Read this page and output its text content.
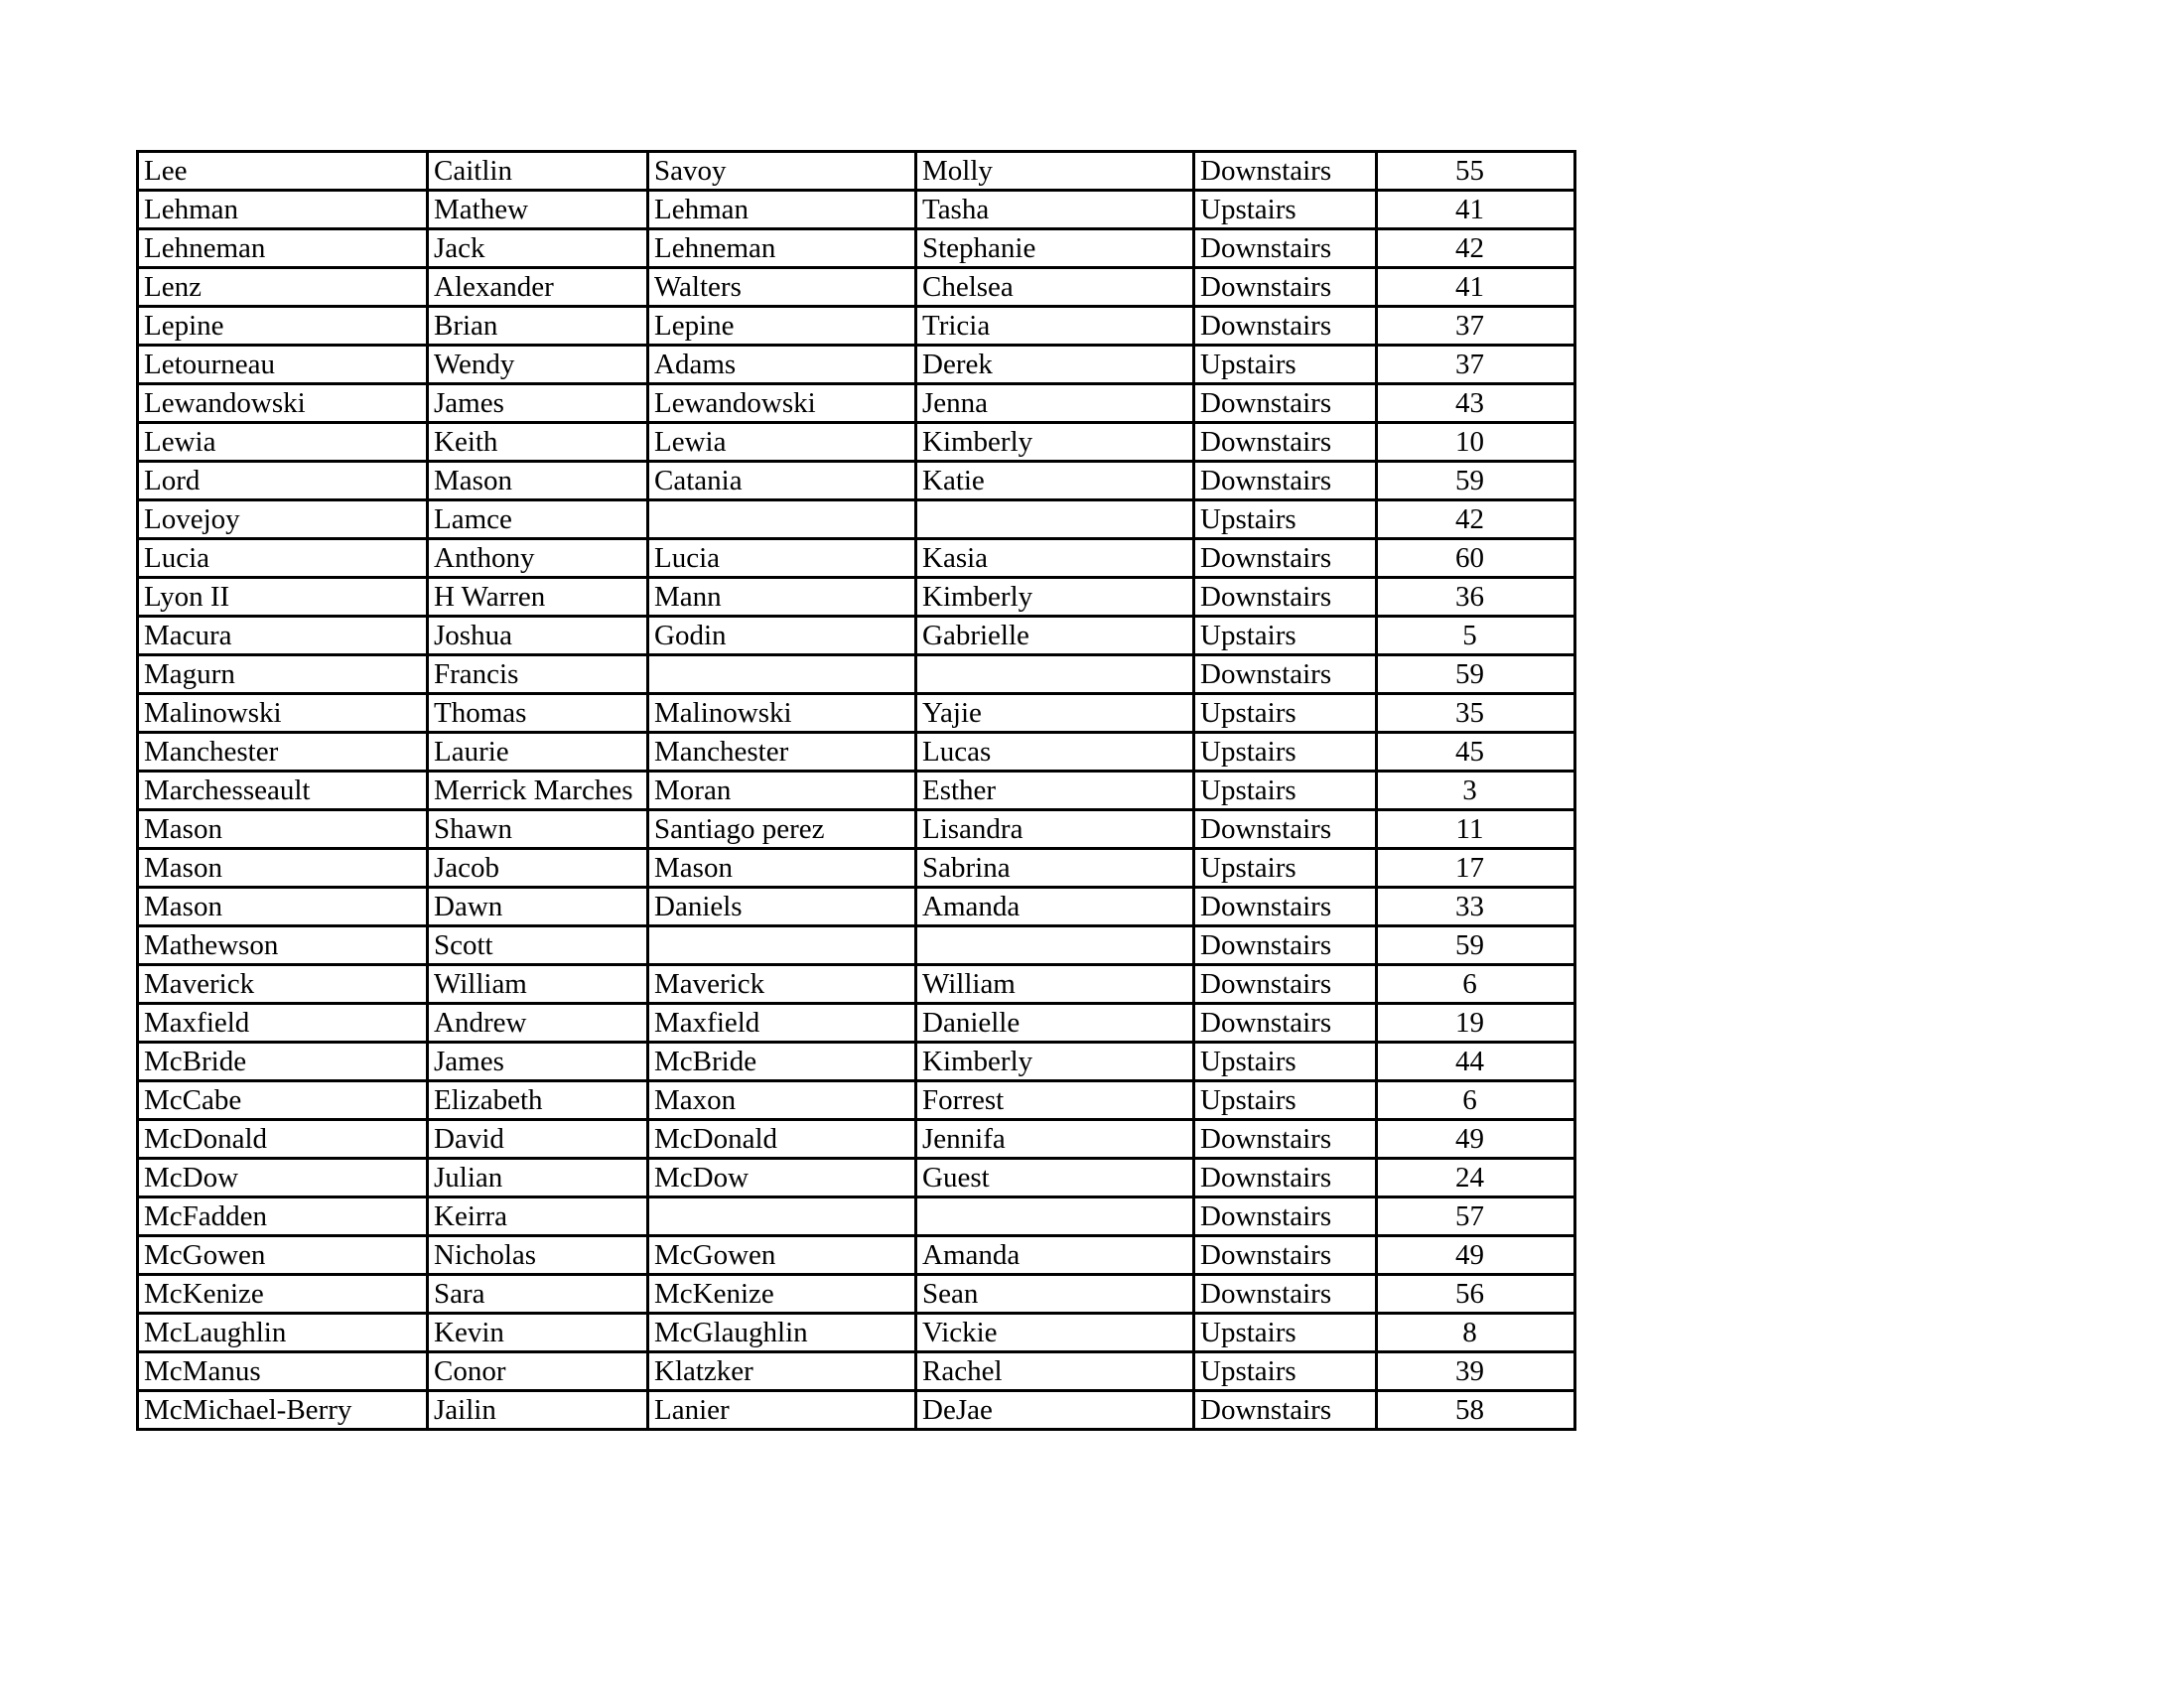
Lee	Caitlin	Savoy	Molly	Downstairs	55
Lehman	Mathew	Lehman	Tasha	Upstairs	41
Lehneman	Jack	Lehneman	Stephanie	Downstairs	42
Lenz	Alexander	Walters	Chelsea	Downstairs	41
Lepine	Brian	Lepine	Tricia	Downstairs	37
Letourneau	Wendy	Adams	Derek	Upstairs	37
Lewandowski	James	Lewandowski	Jenna	Downstairs	43
Lewia	Keith	Lewia	Kimberly	Downstairs	10
Lord	Mason	Catania	Katie	Downstairs	59
Lovejoy	Lamce			Upstairs	42
Lucia	Anthony	Lucia	Kasia	Downstairs	60
Lyon II	H Warren	Mann	Kimberly	Downstairs	36
Macura	Joshua	Godin	Gabrielle	Upstairs	5
Magurn	Francis			Downstairs	59
Malinowski	Thomas	Malinowski	Yajie	Upstairs	35
Manchester	Laurie	Manchester	Lucas	Upstairs	45
Marchesseault	Merrick Marches	Moran	Esther	Upstairs	3
Mason	Shawn	Santiago perez	Lisandra	Downstairs	11
Mason	Jacob	Mason	Sabrina	Upstairs	17
Mason	Dawn	Daniels	Amanda	Downstairs	33
Mathewson	Scott			Downstairs	59
Maverick	William	Maverick	William	Downstairs	6
Maxfield	Andrew	Maxfield	Danielle	Downstairs	19
McBride	James	McBride	Kimberly	Upstairs	44
McCabe	Elizabeth	Maxon	Forrest	Upstairs	6
McDonald	David	McDonald	Jennifa	Downstairs	49
McDow	Julian	McDow	Guest	Downstairs	24
McFadden	Keirra			Downstairs	57
McGowen	Nicholas	McGowen	Amanda	Downstairs	49
McKenize	Sara	McKenize	Sean	Downstairs	56
McLaughlin	Kevin	McGlaughlin	Vickie	Upstairs	8
McManus	Conor	Klatzker	Rachel	Upstairs	39
McMichael-Berry	Jailin	Lanier	DeJae	Downstairs	58
